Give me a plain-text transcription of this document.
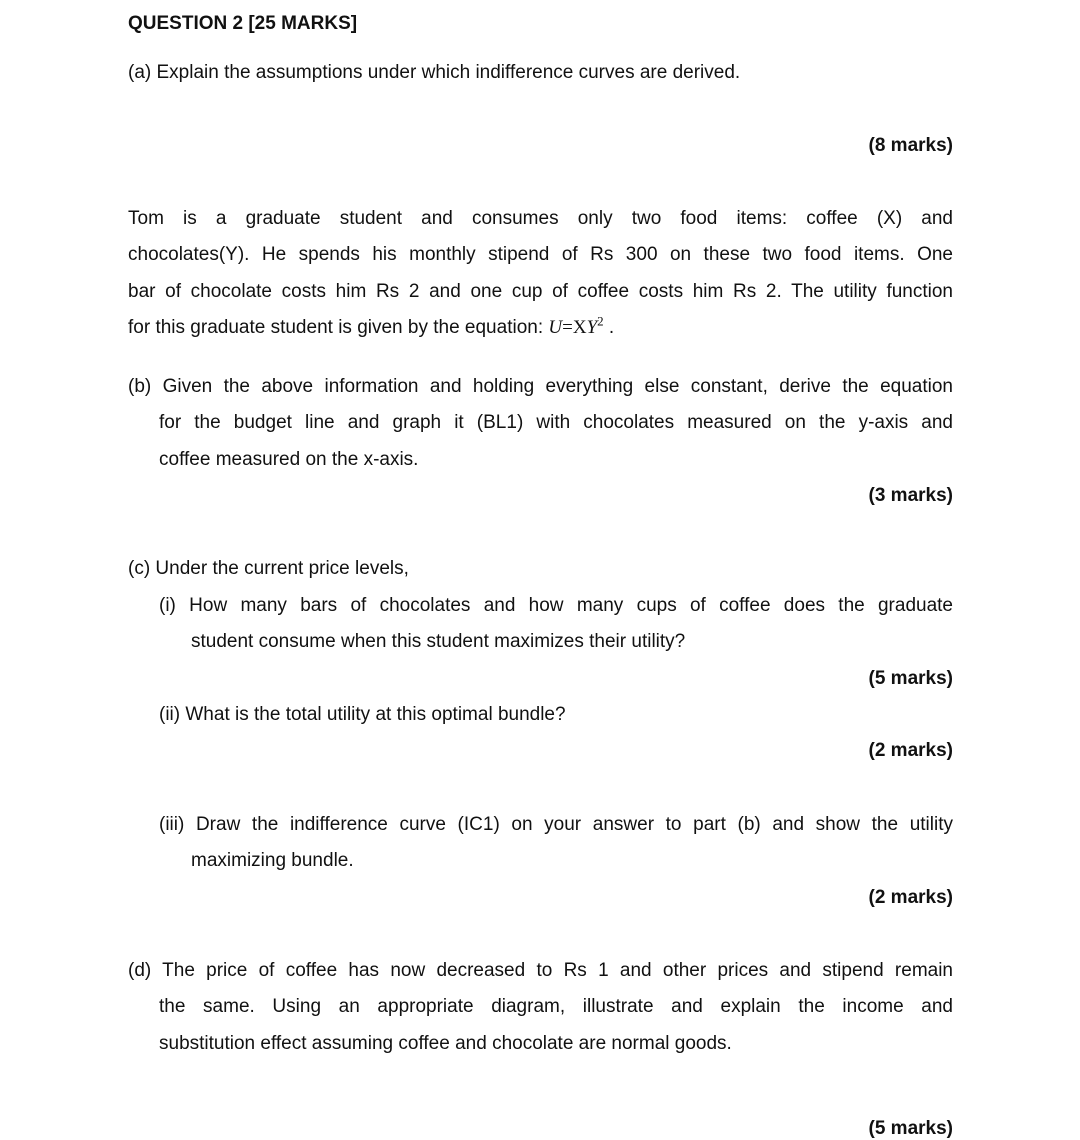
QUESTION 2 [25 MARKS]
(a) Explain the assumptions under which indifference curves are derived.
(8 marks)
Tom is a graduate student and consumes only two food items: coffee (X) and
chocolates(Y). He spends his monthly stipend of Rs 300 on these two food items. One
bar of chocolate costs him Rs 2 and one cup of coffee costs him Rs 2. The utility function
for this graduate student is given by the equation: $U=XY^2$ .
(b) Given the above information and holding everything else constant, derive the equation
for the budget line and graph it (BL1) with chocolates measured on the y-axis and
coffee measured on the x-axis.
(3 marks)
(c) Under the current price levels,
(i) How many bars of chocolates and how many cups of coffee does the graduate
student consume when this student maximizes their utility?
(5 marks)
(ii) What is the total utility at this optimal bundle?
(2 marks)
(iii) Draw the indifference curve (IC1) on your answer to part (b) and show the utility
maximizing bundle.
(2 marks)
(d) The price of coffee has now decreased to Rs 1 and other prices and stipend remain
the same. Using an appropriate diagram, illustrate and explain the income and
substitution effect assuming coffee and chocolate are normal goods.
(5 marks)
